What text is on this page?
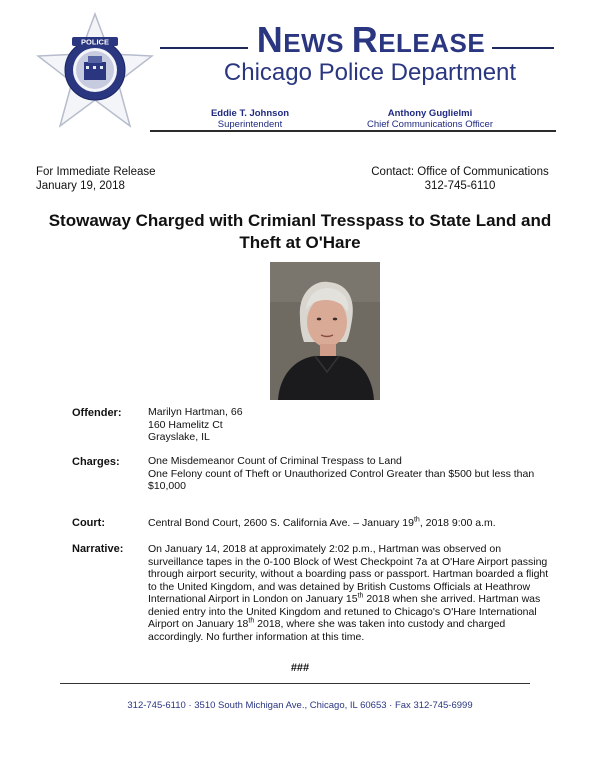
POLICE	NEWS RELEASE
Chicago Police Department
Eddie T. Johnson
Superintendent
Anthony Guglielmi
Chief Communications Officer
For Immediate Release
January 19, 2018
Contact: Office of Communications
312-745-6110
Stowaway Charged with Crimianl Tresspass to State Land and
Theft at O'Hare
Offender:	Marilyn Hartman, 66
160 Hamelitz Ct
Grayslake, IL
Charges:	One Misdemeanor Count of Criminal Trespass to Land
One Felony count of Theft or Unauthorized Control Greater than $500 but less than
$10,000
Court:	Central Bond Court, 2600 S. California Ave. – January 19th, 2018 9:00 a.m.
Narrative: On January 14, 2018 at approximately 2:02 p.m., Hartman was observed on
surveillance tapes in the 0-100 Block of West Checkpoint 7a at O'Hare Airport passing
through airport security, without a boarding pass or passport. Hartman boarded a flight
to the United Kingdom, and was detained by British Customs Officials at Heathrow
International Airport in London on January 15th 2018 when she arrived. Hartman was
denied entry into the United Kingdom and retuned to Chicago's O'Hare International
Airport on January 18th 2018, where she was taken into custody and charged
accordingly. No further information at this time.
###
312-745-6110 · 3510 South Michigan Ave., Chicago, IL 60653 · Fax 312-745-6999
